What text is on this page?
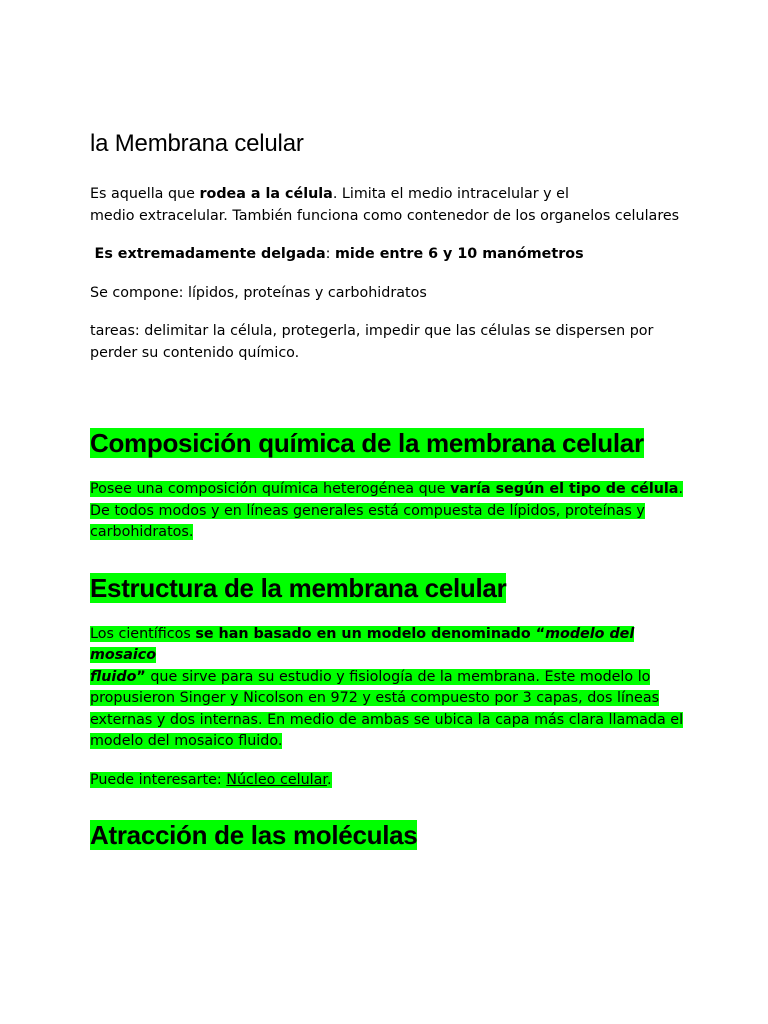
la Membrana celular

Es aquella que rodea a la célula. Limita el medio intracelular y el
medio extracelular. También funciona como contenedor de los organelos celulares

Es extremadamente delgada: mide entre 6 y 10 manómetros

Se compone: lípidos, proteínas y carbohidratos

tareas: delimitar la célula, protegerla, impedir que las células se dispersen por
perder su contenido químico.

Composición química de la membrana celular

Posee una composición química heterogénea que varía según el tipo de célula.
De todos modos y en líneas generales está compuesta de lípidos, proteínas y
carbohidratos.

Estructura de la membrana celular

Los científicos se han basado en un modelo denominado “modelo del mosaico
fluido” que sirve para su estudio y fisiología de la membrana. Este modelo lo
propusieron Singer y Nicolson en 972 y está compuesto por 3 capas, dos líneas
externas y dos internas. En medio de ambas se ubica la capa más clara llamada el
modelo del mosaico fluido.

Puede interesarte: Núcleo celular.

Atracción de las moléculas
